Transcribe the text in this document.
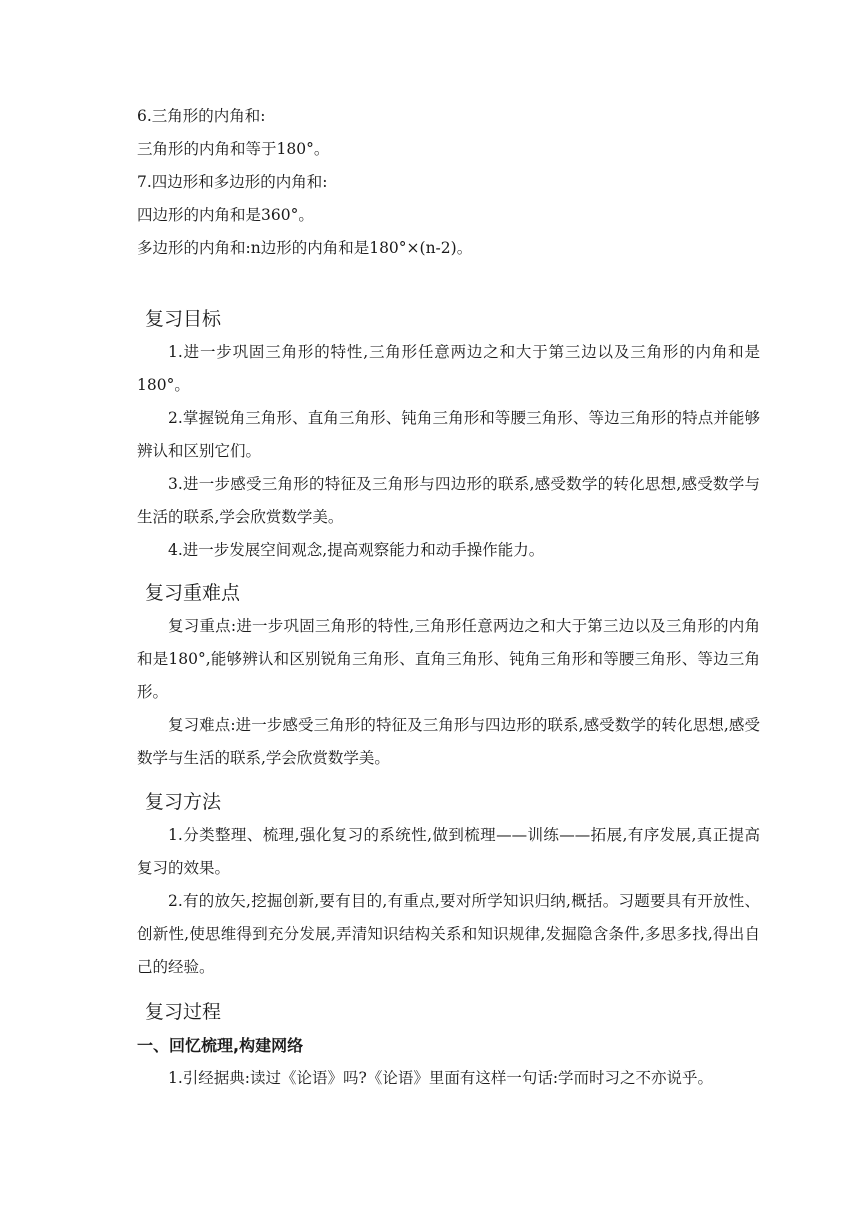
6.三角形的内角和:

三角形的内角和等于180°。

7.四边形和多边形的内角和:

四边形的内角和是360°。

多边形的内角和:n边形的内角和是180°×(n-2)。

复习目标

1.进一步巩固三角形的特性,三角形任意两边之和大于第三边以及三角形的内角和是180°。

2.掌握锐角三角形、直角三角形、钝角三角形和等腰三角形、等边三角形的特点并能够辨认和区别它们。

3.进一步感受三角形的特征及三角形与四边形的联系,感受数学的转化思想,感受数学与生活的联系,学会欣赏数学美。

4.进一步发展空间观念,提高观察能力和动手操作能力。

复习重难点

复习重点:进一步巩固三角形的特性,三角形任意两边之和大于第三边以及三角形的内角和是180°,能够辨认和区别锐角三角形、直角三角形、钝角三角形和等腰三角形、等边三角形。

复习难点:进一步感受三角形的特征及三角形与四边形的联系,感受数学的转化思想,感受数学与生活的联系,学会欣赏数学美。

复习方法

1.分类整理、梳理,强化复习的系统性,做到梳理——训练——拓展,有序发展,真正提高复习的效果。

2.有的放矢,挖掘创新,要有目的,有重点,要对所学知识归纳,概括。习题要具有开放性、创新性,使思维得到充分发展,弄清知识结构关系和知识规律,发掘隐含条件,多思多找,得出自己的经验。

复习过程

一、回忆梳理,构建网络

1.引经据典:读过《论语》吗?《论语》里面有这样一句话:学而时习之不亦说乎。
